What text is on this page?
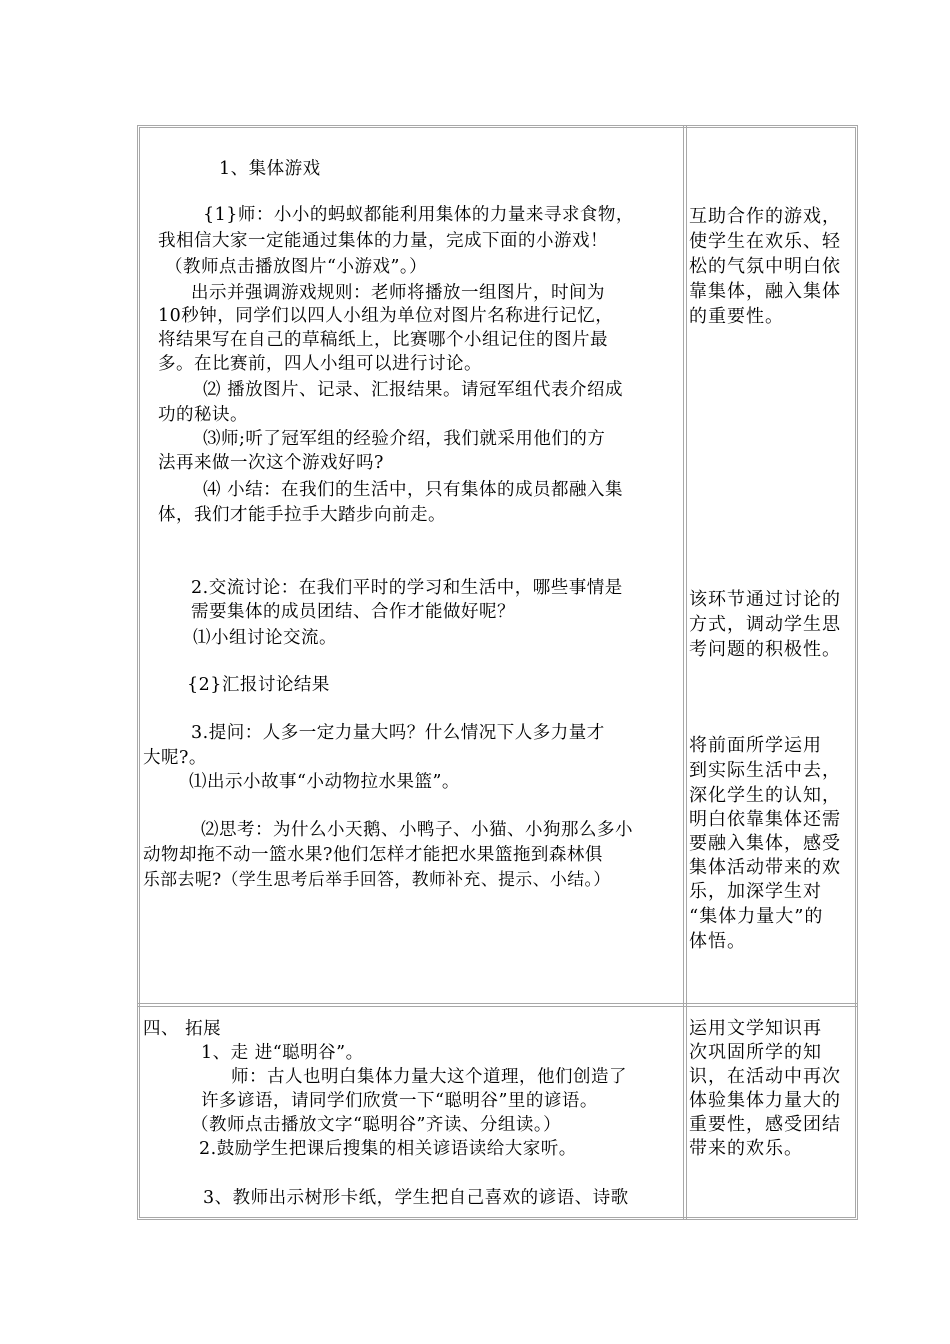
1、集体游戏
{1}师：小小的蚂蚁都能利用集体的力量来寻求食物，
我相信大家一定能通过集体的力量，完成下面的小游戏！
（教师点击播放图片“小游戏”。）
出示并强调游戏规则：老师将播放一组图片，时间为
10秒钟，同学们以四人小组为单位对图片名称进行记忆，
将结果写在自己的草稿纸上，比赛哪个小组记住的图片最
多。在比赛前，四人小组可以进行讨论。
⑵ 播放图片、记录、汇报结果。请冠军组代表介绍成
功的秘诀。
⑶师;听了冠军组的经验介绍，我们就采用他们的方
法再来做一次这个游戏好吗?
⑷ 小结：在我们的生活中，只有集体的成员都融入集
体，我们才能手拉手大踏步向前走。
2.交流讨论：在我们平时的学习和生活中，哪些事情是
需要集体的成员团结、合作才能做好呢？
⑴小组讨论交流。
{2}汇报讨论结果
3.提问：人多一定力量大吗？什么情况下人多力量才
大呢?。
⑴出示小故事“小动物拉水果篮”。
⑵思考：为什么小天鹅、小鸭子、小猫、小狗那么多小
动物却拖不动一篮水果?他们怎样才能把水果篮拖到森林俱
乐部去呢?（学生思考后举手回答，教师补充、提示、小结。）
四、 拓展
1、走 进“聪明谷”。
师：古人也明白集体力量大这个道理，他们创造了
许多谚语，请同学们欣赏一下“聪明谷”里的谚语。
（教师点击播放文字“聪明谷”齐读、分组读。）
2.鼓励学生把课后搜集的相关谚语读给大家听。
3、教师出示树形卡纸，学生把自己喜欢的谚语、诗歌
互助合作的游戏，
使学生在欢乐、轻
松的气氛中明白依
靠集体，融入集体
的重要性。
该环节通过讨论的
方式，调动学生思
考问题的积极性。
将前面所学运用
到实际生活中去，
深化学生的认知，
明白依靠集体还需
要融入集体，感受
集体活动带来的欢
乐，加深学生对
“集体力量大”的
体悟。
运用文学知识再
次巩固所学的知
识，在活动中再次
体验集体力量大的
重要性，感受团结
带来的欢乐。
